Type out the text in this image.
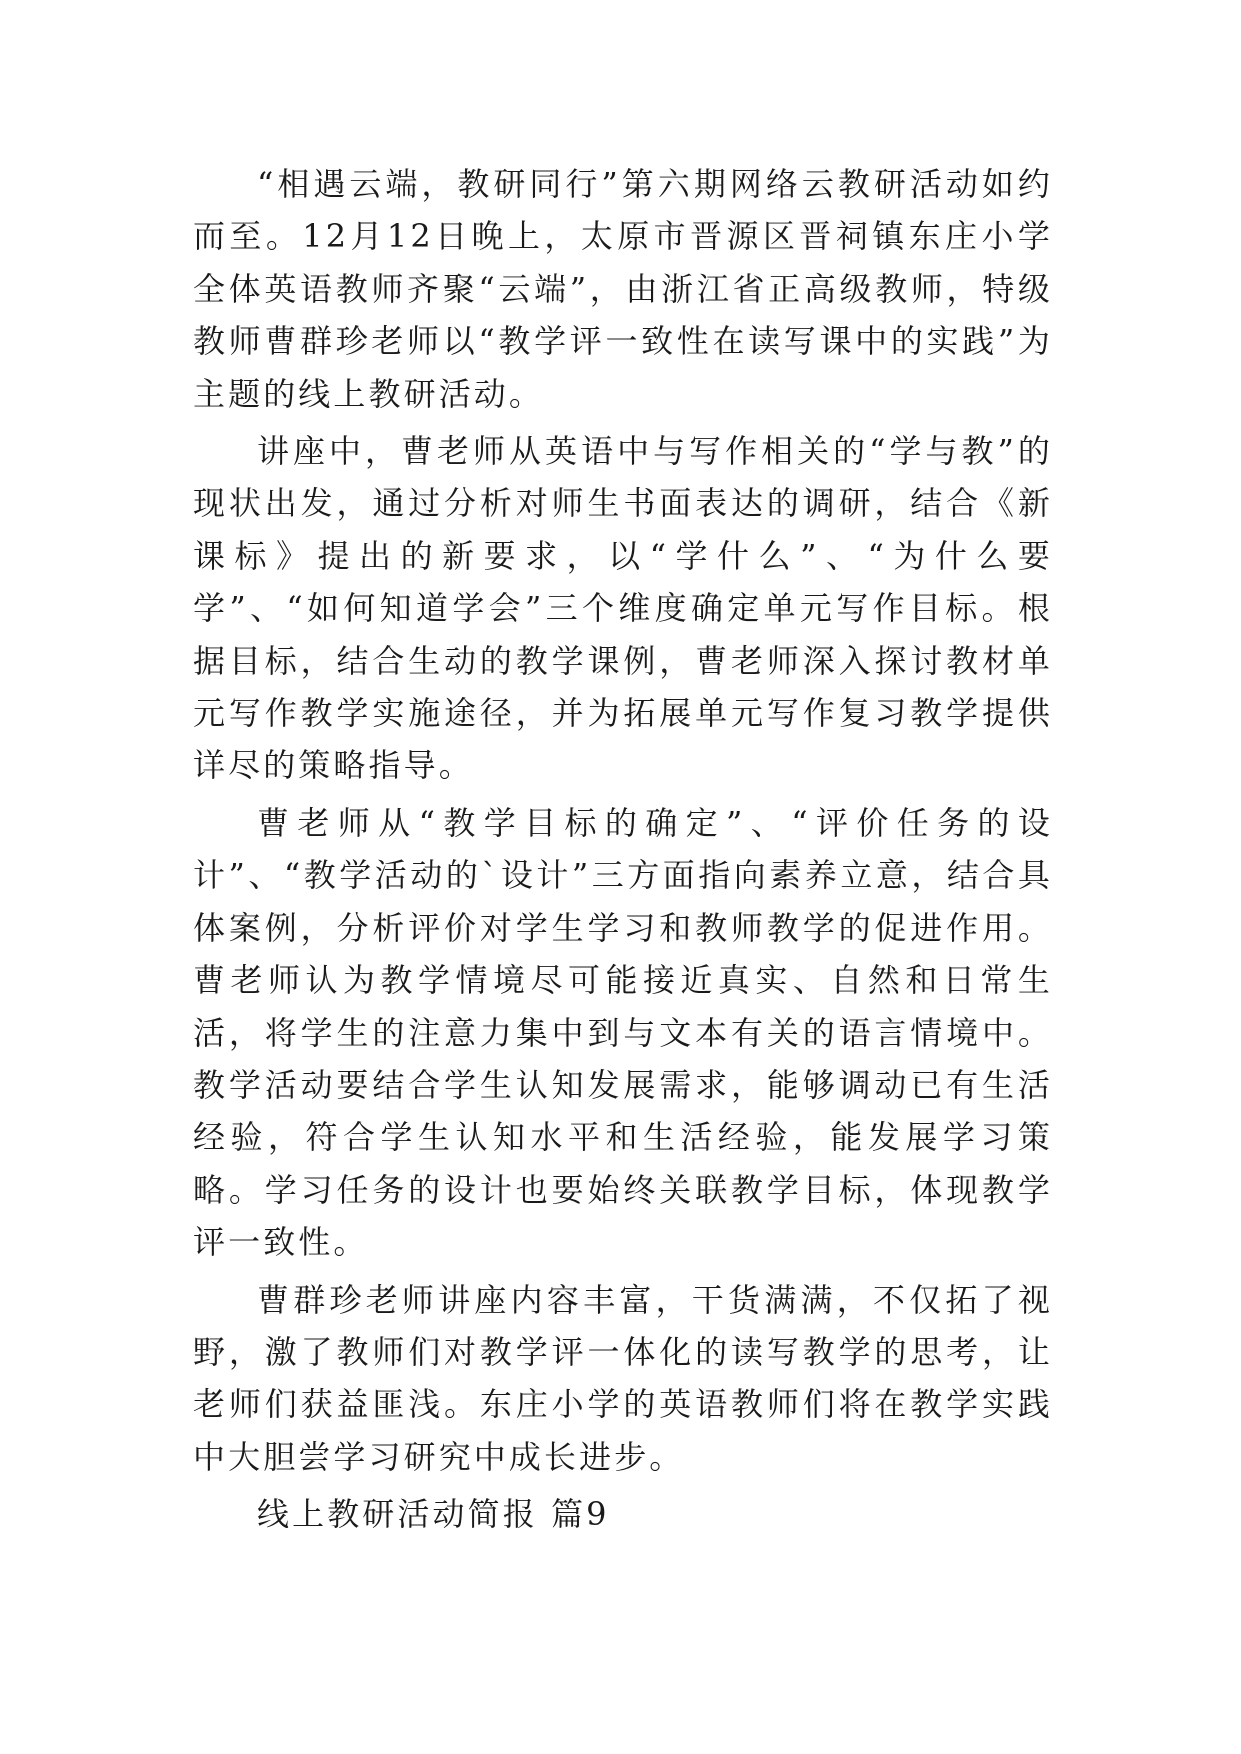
“相遇云端，教研同行”第六期网络云教研活动如约而至。12月12日晚上，太原市晋源区晋祠镇东庄小学全体英语教师齐聚“云端”，由浙江省正高级教师，特级教师曹群珍老师以“教学评一致性在读写课中的实践”为主题的线上教研活动。

讲座中，曹老师从英语中与写作相关的“学与教”的现状出发，通过分析对师生书面表达的调研，结合《新课标》提出的新要求，以“学什么”、“为什么要学”、“如何知道学会”三个维度确定单元写作目标。根据目标，结合生动的教学课例，曹老师深入探讨教材单元写作教学实施途径，并为拓展单元写作复习教学提供详尽的策略指导。

曹老师从“教学目标的确定”、“评价任务的设计”、“教学活动的`设计”三方面指向素养立意，结合具体案例，分析评价对学生学习和教师教学的促进作用。曹老师认为教学情境尽可能接近真实、自然和日常生活，将学生的注意力集中到与文本有关的语言情境中。教学活动要结合学生认知发展需求，能够调动已有生活经验，符合学生认知水平和生活经验，能发展学习策略。学习任务的设计也要始终关联教学目标，体现教学评一致性。

曹群珍老师讲座内容丰富，干货满满，不仅拓了视野，激了教师们对教学评一体化的读写教学的思考，让老师们获益匪浅。东庄小学的英语教师们将在教学实践中大胆尝学习研究中成长进步。

线上教研活动简报 篇9
